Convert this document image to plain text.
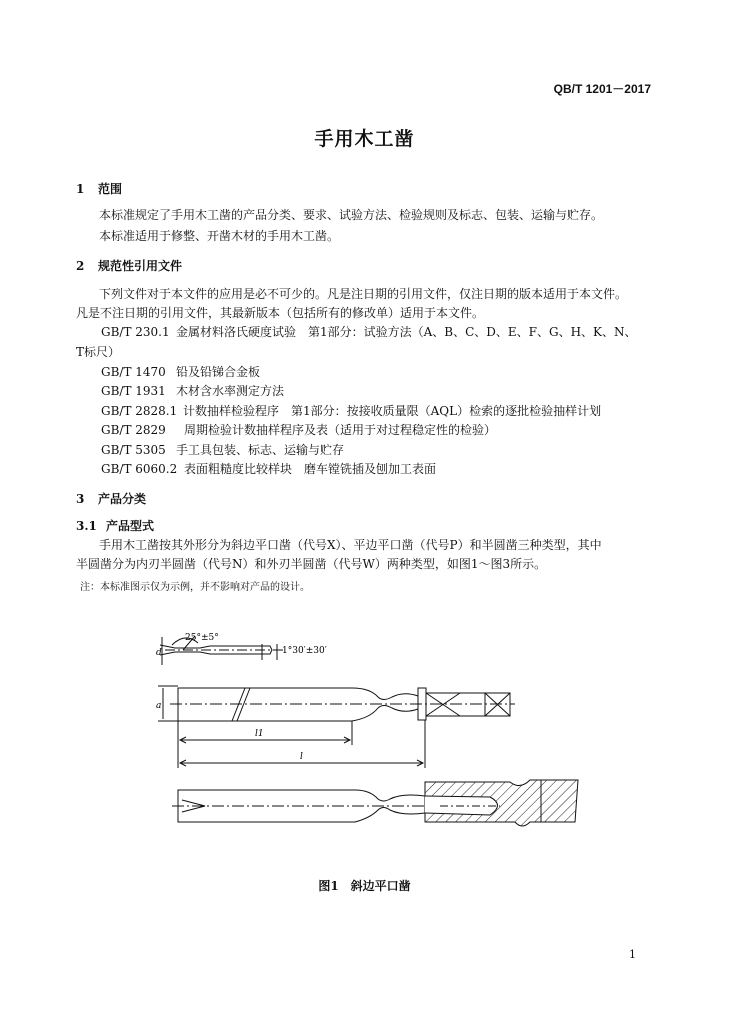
QB/T 1201－2017
手用木工凿
1 范围
本标准规定了手用木工凿的产品分类、要求、试验方法、检验规则及标志、包装、运输与贮存。
本标准适用于修整、开凿木材的手用木工凿。
2 规范性引用文件
下列文件对于本文件的应用是必不可少的。凡是注日期的引用文件，仅注日期的版本适用于本文件。
凡是不注日期的引用文件，其最新版本（包括所有的修改单）适用于本文件。
GB/T 230.1 金属材料洛氏硬度试验　第1部分：试验方法（A、B、C、D、E、F、G、H、K、N、
T标尺）
GB/T 1470 铅及铅锑合金板
GB/T 1931 木材含水率测定方法
GB/T 2828.1 计数抽样检验程序　第1部分：按接收质量限（AQL）检索的逐批检验抽样计划
GB/T 2829 周期检验计数抽样程序及表（适用于对过程稳定性的检验）
GB/T 5305 手工具包装、标志、运输与贮存
GB/T 6060.2 表面粗糙度比较样块　磨车镗铣插及刨加工表面
3 产品分类
3.1 产品型式
手用木工凿按其外形分为斜边平口凿（代号X）、平边平口凿（代号P）和半圆凿三种类型，其中
半圆凿分为内刃半圆凿（代号N）和外刃半圆凿（代号W）两种类型，如图1～图3所示。
注：本标准图示仅为示例，并不影响对产品的设计。
25°±5°
1°30′±30′
d
a
l1
l
图1　斜边平口凿
1
